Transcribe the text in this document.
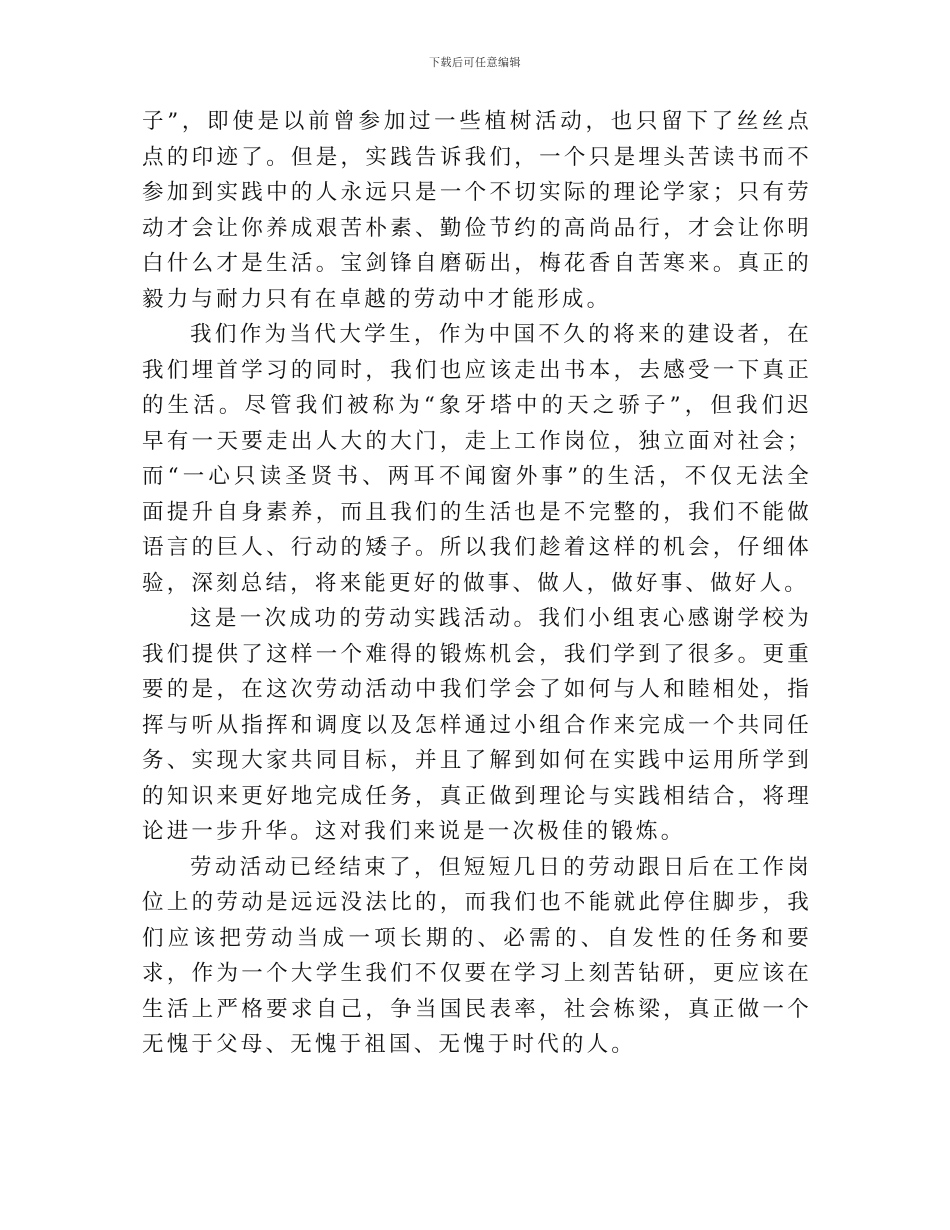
下载后可任意编辑

子”，即使是以前曾参加过一些植树活动，也只留下了丝丝点点的印迹了。但是，实践告诉我们，一个只是埋头苦读书而不参加到实践中的人永远只是一个不切实际的理论学家；只有劳动才会让你养成艰苦朴素、勤俭节约的高尚品行，才会让你明白什么才是生活。宝剑锋自磨砺出，梅花香自苦寒来。真正的毅力与耐力只有在卓越的劳动中才能形成。

我们作为当代大学生，作为中国不久的将来的建设者，在我们埋首学习的同时，我们也应该走出书本，去感受一下真正的生活。尽管我们被称为“象牙塔中的天之骄子”，但我们迟早有一天要走出人大的大门，走上工作岗位，独立面对社会；而“一心只读圣贤书、两耳不闻窗外事”的生活，不仅无法全面提升自身素养，而且我们的生活也是不完整的，我们不能做语言的巨人、行动的矮子。所以我们趁着这样的机会，仔细体验，深刻总结，将来能更好的做事、做人，做好事、做好人。

这是一次成功的劳动实践活动。我们小组衷心感谢学校为我们提供了这样一个难得的锻炼机会，我们学到了很多。更重要的是，在这次劳动活动中我们学会了如何与人和睦相处，指挥与听从指挥和调度以及怎样通过小组合作来完成一个共同任务、实现大家共同目标，并且了解到如何在实践中运用所学到的知识来更好地完成任务，真正做到理论与实践相结合，将理论进一步升华。这对我们来说是一次极佳的锻炼。

劳动活动已经结束了，但短短几日的劳动跟日后在工作岗位上的劳动是远远没法比的，而我们也不能就此停住脚步，我们应该把劳动当成一项长期的、必需的、自发性的任务和要求，作为一个大学生我们不仅要在学习上刻苦钻研，更应该在生活上严格要求自己，争当国民表率，社会栋梁，真正做一个无愧于父母、无愧于祖国、无愧于时代的人。
